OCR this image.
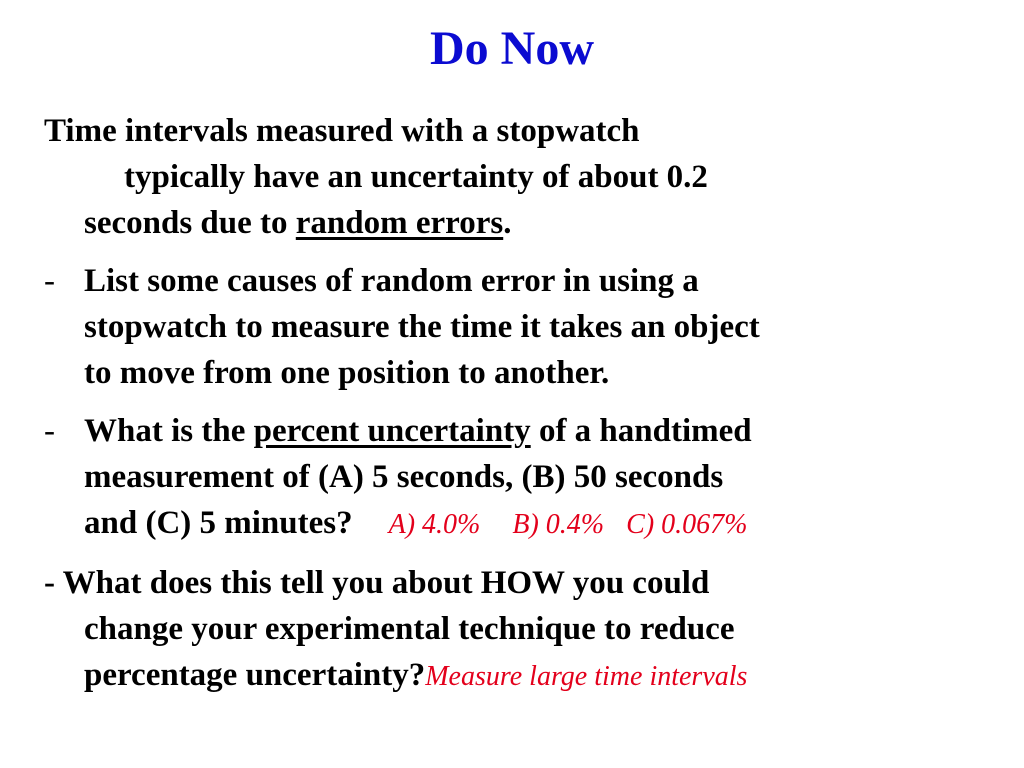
Do Now
Time intervals measured with a stopwatch
typically have an uncertainty of about 0.2
seconds due to random errors.
- List some causes of random error in using a
stopwatch to measure the time it takes an object
to move from one position to another.
- What is the percent uncertainty of a handtimed
measurement of (A) 5 seconds, (B) 50 seconds
and (C) 5 minutes? A) 4.0% B) 0.4% C) 0.067%
- What does this tell you about HOW you could
change your experimental technique to reduce
percentage uncertainty?Measure large time intervals
